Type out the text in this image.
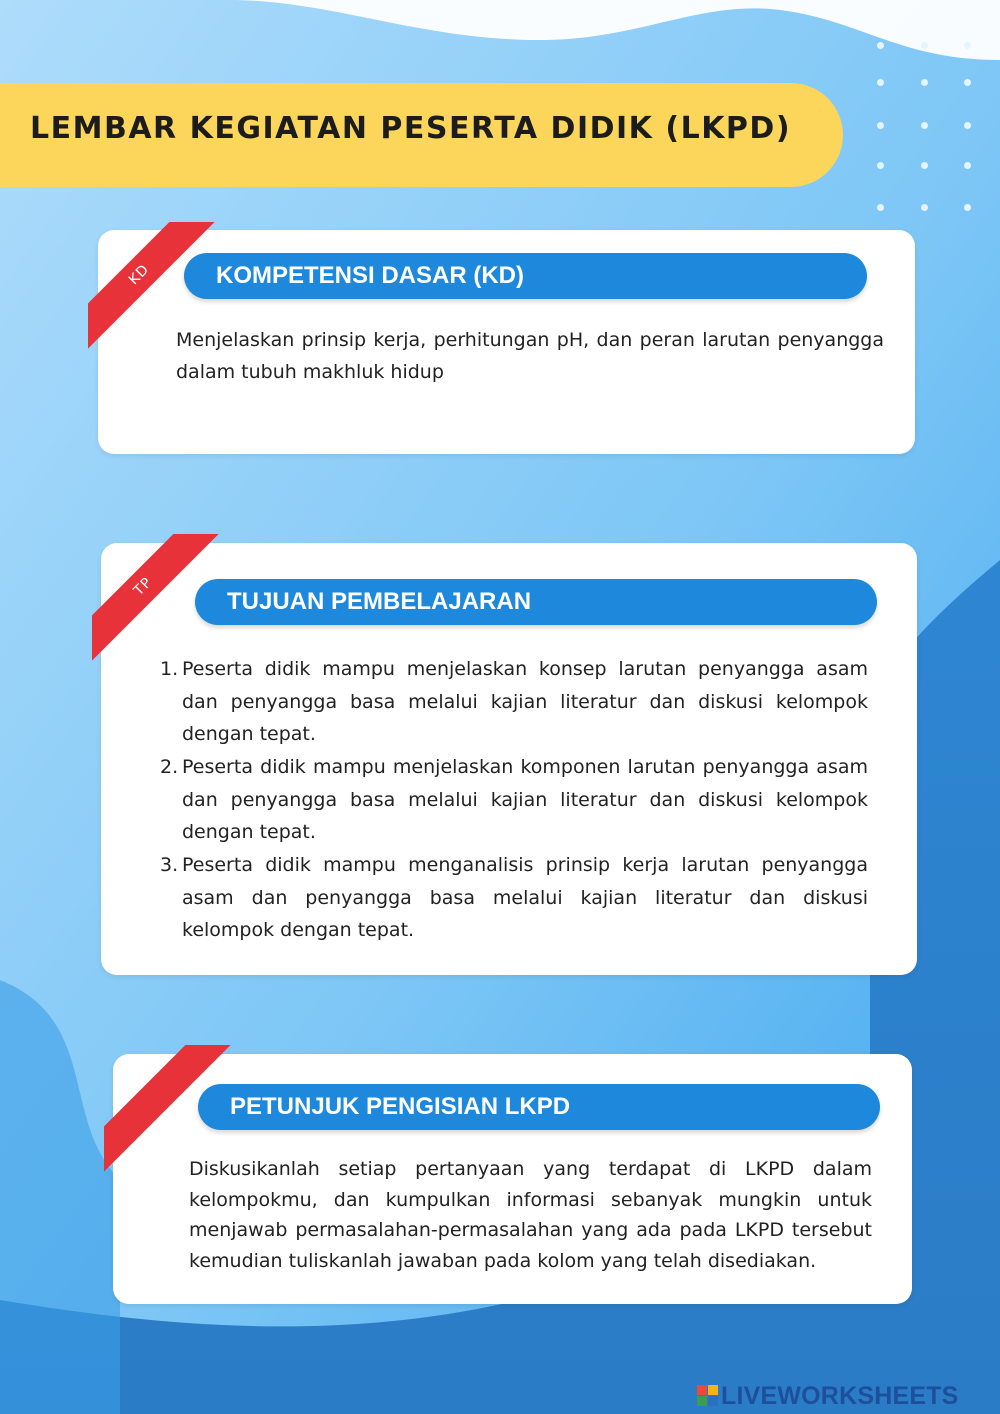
LEMBAR KEGIATAN PESERTA DIDIK (LKPD)
KD	KOMPETENSI DASAR (KD)

Menjelaskan prinsip kerja, perhitungan pH, dan peran larutan penyangga dalam tubuh makhluk hidup

TP
TUJUAN PEMBELAJARAN
1. Peserta didik mampu menjelaskan konsep larutan penyangga asam dan penyangga basa melalui kajian literatur dan diskusi kelompok dengan tepat.
2. Peserta didik mampu menjelaskan komponen larutan penyangga asam dan penyangga basa melalui kajian literatur dan diskusi kelompok dengan tepat.
3. Peserta didik mampu menganalisis prinsip kerja larutan penyangga asam dan penyangga basa melalui kajian literatur dan diskusi kelompok dengan tepat.
PETUNJUK PENGISIAN LKPD

Diskusikanlah setiap pertanyaan yang terdapat di LKPD dalam kelompokmu, dan kumpulkan informasi sebanyak mungkin untuk menjawab permasalahan-permasalahan yang ada pada LKPD tersebut kemudian tuliskanlah jawaban pada kolom yang telah disediakan.

LIVEWORKSHEETS
